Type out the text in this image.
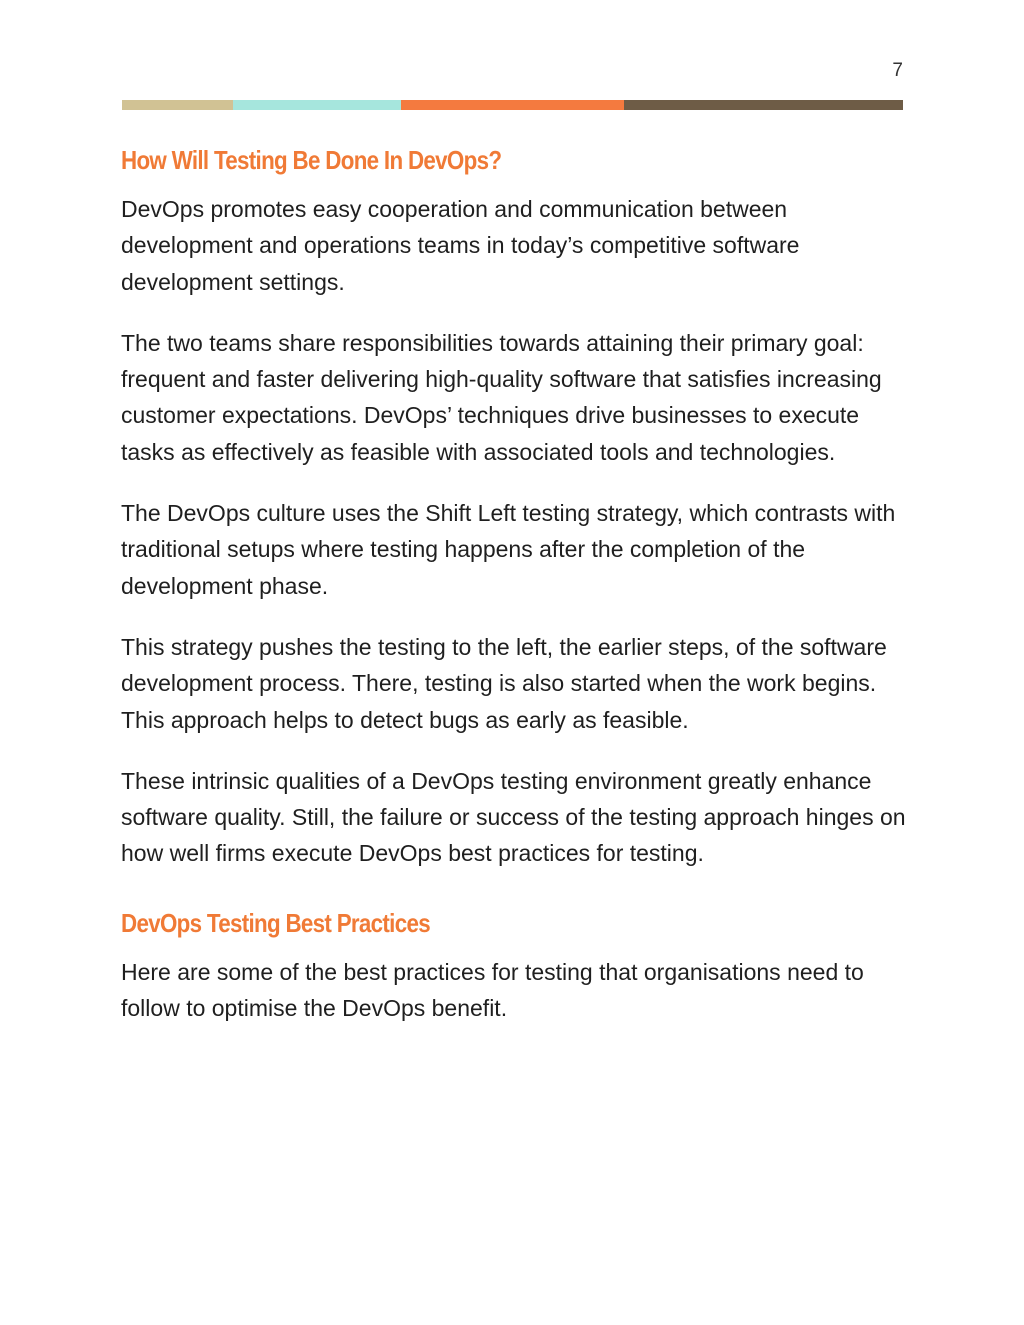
7
How Will Testing Be Done In DevOps?

DevOps promotes easy cooperation and communication between development and operations teams in today’s competitive software development settings.

The two teams share responsibilities towards attaining their primary goal: frequent and faster delivering high-quality software that satisfies increasing customer expectations. DevOps’ techniques drive businesses to execute tasks as effectively as feasible with associated tools and technologies.

The DevOps culture uses the Shift Left testing strategy, which contrasts with traditional setups where testing happens after the completion of the development phase.

This strategy pushes the testing to the left, the earlier steps, of the software development process. There, testing is also started when the work begins. This approach helps to detect bugs as early as feasible.

These intrinsic qualities of a DevOps testing environment greatly enhance software quality. Still, the failure or success of the testing approach hinges on how well firms execute DevOps best practices for testing.

DevOps Testing Best Practices

Here are some of the best practices for testing that organisations need to follow to optimise the DevOps benefit.
